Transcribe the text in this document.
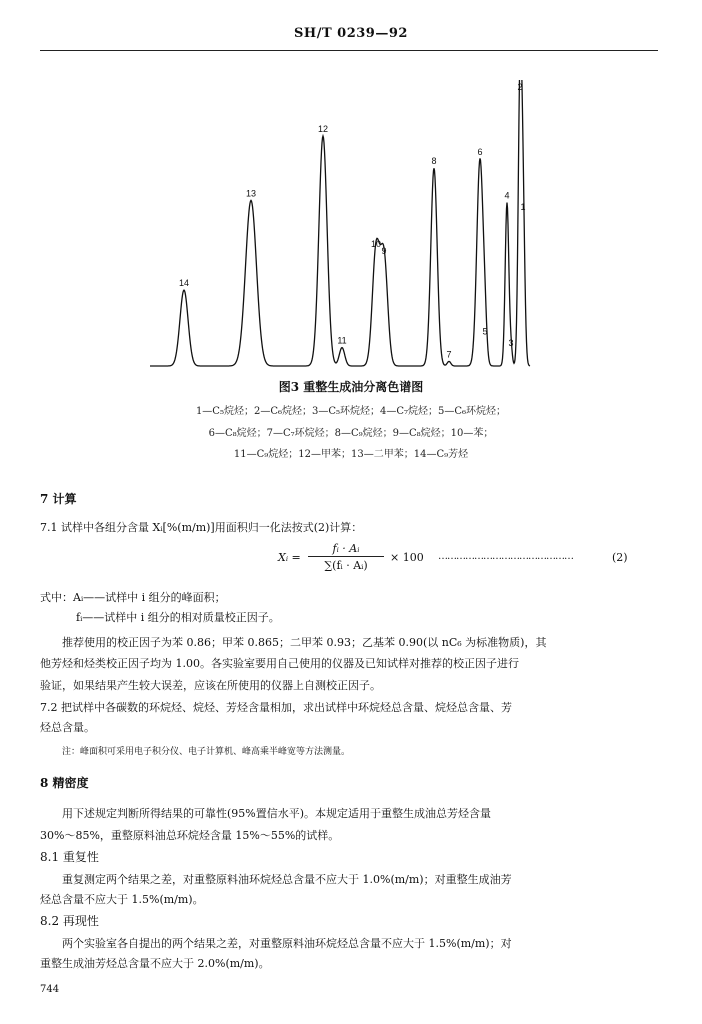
SH/T 0239—92
14
13
12
11
10
9
8
7
6
5
4
3
2
1
图3 重整生成油分离色谱图
1—C₅烷烃；2—C₆烷烃；3—C₅环烷烃；4—C₇烷烃；5—C₆环烷烃；
6—C₈烷烃；7—C₇环烷烃；8—C₉烷烃；9—C₈烷烃；10—苯；
11—C₉烷烃；12—甲苯；13—二甲苯；14—C₉芳烃
7 计算
7.1 试样中各组分含量 Xᵢ[%(m/m)]用面积归一化法按式(2)计算：
Xᵢ = $\frac{\text{fᵢ · Aᵢ}}{\text{∑(fᵢ · Aᵢ)}} \times 100$ ………………………………………	(2)
式中：Aᵢ——试样中 i 组分的峰面积；
fᵢ——试样中 i 组分的相对质量校正因子。
推荐使用的校正因子为苯 0.86；甲苯 0.865；二甲苯 0.93；乙基苯 0.90(以 nC₆ 为标准物质)，其
他芳烃和烃类校正因子均为 1.00。各实验室要用自己使用的仪器及已知试样对推荐的校正因子进行
验证，如果结果产生较大误差，应该在所使用的仪器上自测校正因子。
7.2 把试样中各碳数的环烷烃、烷烃、芳烃含量相加，求出试样中环烷烃总含量、烷烃总含量、芳
烃总含量。
注：峰面积可采用电子积分仪、电子计算机、峰高乘半峰宽等方法测量。
8 精密度
用下述规定判断所得结果的可靠性(95%置信水平)。本规定适用于重整生成油总芳烃含量
30%～85%，重整原料油总环烷烃含量 15%～55%的试样。
8.1 重复性
重复测定两个结果之差，对重整原料油环烷烃总含量不应大于 1.0%(m/m)；对重整生成油芳
烃总含量不应大于 1.5%(m/m)。
8.2 再现性
两个实验室各自提出的两个结果之差，对重整原料油环烷烃总含量不应大于 1.5%(m/m)；对
重整生成油芳烃总含量不应大于 2.0%(m/m)。
744
